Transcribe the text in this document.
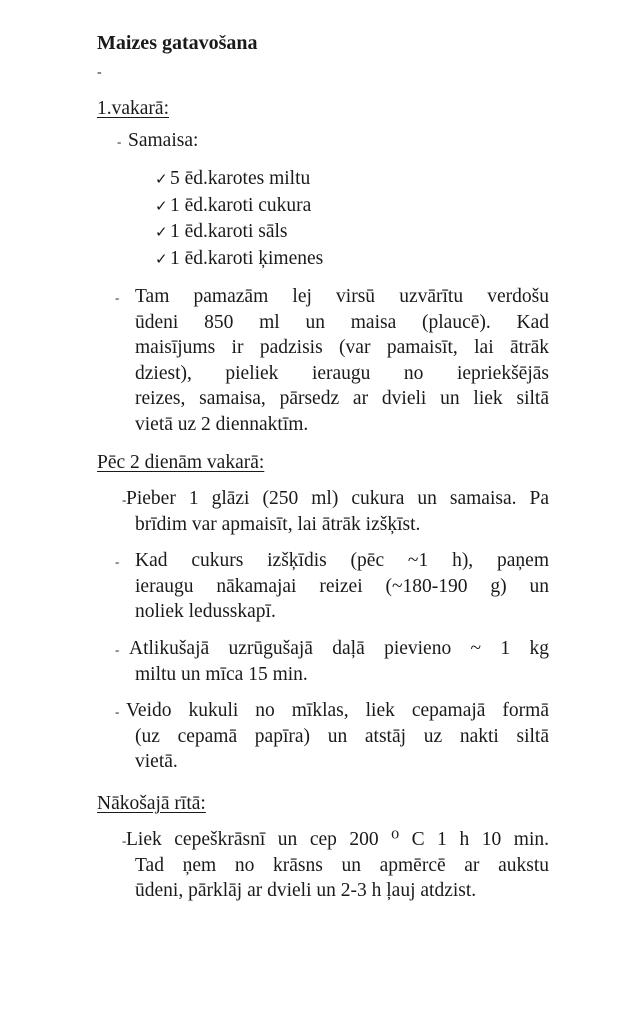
Maizes gatavošana
-
1.vakarā:
- Samaisa:
✓ 5 ēd.karotes miltu
✓ 1 ēd.karoti cukura
✓ 1 ēd.karoti sāls
✓ 1 ēd.karoti ķimenes
- Tam pamazām lej virsū uzvārītu verdošu
ūdeni 850 ml un maisa (plaucē). Kad
maisījums ir padzisis (var pamaisīt, lai ātrāk
dziest), pieliek ieraugu no iepriekšējās
reizes, samaisa, pārsedz ar dvieli un liek siltā
vietā uz 2 diennaktīm.
Pēc 2 dienām vakarā:
- Pieber 1 glāzi (250 ml) cukura un samaisa. Pa
brīdim var apmaisīt, lai ātrāk izšķīst.
- Kad cukurs izšķīdis (pēc ~1 h), paņem
ieraugu nākamajai reizei (~180-190 g) un
noliek ledusskapī.
- Atlikušajā uzrūgušajā daļā pievieno ~ 1 kg
miltu un mīca 15 min.
- Veido kukuli no mīklas, liek cepamajā formā
(uz cepamā papīra) un atstāj uz nakti siltā
vietā.
Nākošajā rītā:
- Liek cepeškrāsnī un cep 200 ⁰ C 1 h 10 min.
Tad ņem no krāsns un apmērcē ar aukstu
ūdeni, pārklāj ar dvieli un 2-3 h ļauj atdzist.
